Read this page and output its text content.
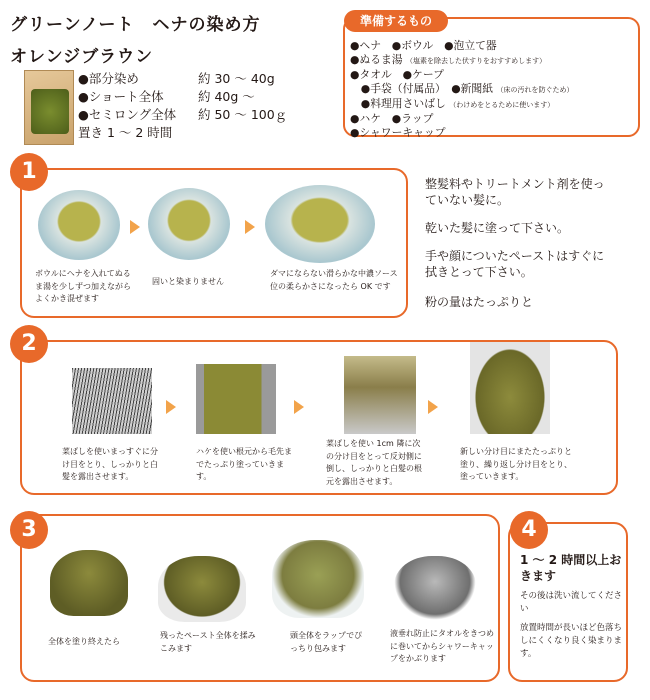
グリーンノート　ヘナの染め方
オレンジブラウン
●部分染め	約 30 〜 40g
●ショート全体	約 40g 〜
●セミロング全体 約 50 〜 100ｇ
置き 1 〜 2 時間
準備するもの
●ヘナ　●ボウル　●泡立て器
●ぬるま湯 （塩素を除去した伏すりをおすすめします）
●タオル　●ケープ
　●手袋（付属品）　●新聞紙 （床の汚れを防ぐため）
　●料理用さいばし （わけめをとるために使います）
●ハケ　●ラップ
●シャワーキャップ
1
ボウルにヘナを入れてぬるま湯を少しずつ加えながらよくかき混ぜます
固いと染まりません
ダマにならない滑らかな中濃ソース位の柔らかさになったら OK です
整髪料やトリートメント剤を使っていない髪に。
乾いた髪に塗って下さい。
手や顔についたペーストはすぐに拭きとって下さい。
粉の量はたっぷりと
2
菜ばしを使いまっすぐに分け目をとり、しっかりと白髪を露出させます。
ハケを使い根元から毛先までたっぷり塗っていきます。
菜ばしを使い 1cm 隣に次の分け目をとって反対側に倒し、しっかりと白髪の根元を露出させます。
新しい分け目にまたたっぷりと塗り、繰り返し分け目をとり、塗っていきます。
3
全体を塗り終えたら
残ったペースト全体を揉みこみます
頭全体をラップでぴっちり包みます
液垂れ防止にタオルをきつめに巻いてからシャワーキャップをかぶります
4
1 〜 2 時間以上おきます
その後は洗い流してください
放置時間が長いほど色落ちしにくくなり良く染まります。
